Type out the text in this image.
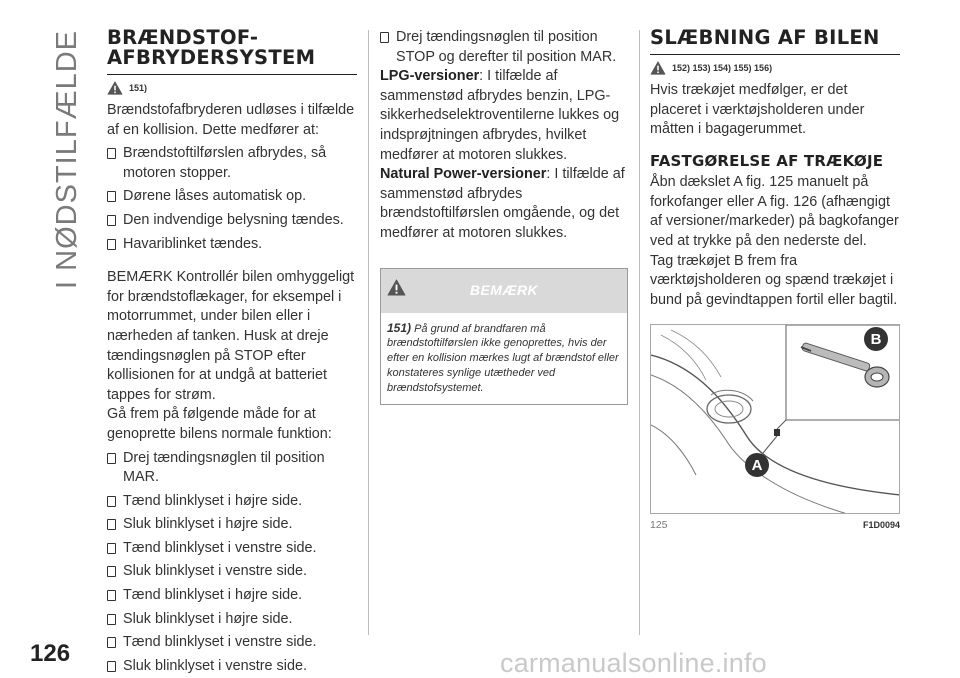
I NØDSTILFÆLDE BRÆNDSTOF-AFBRYDERSYSTEM
151)

Brændstofafbryderen udløses i tilfælde af en kollision. Dette medfører at:

Brændstoftilførslen afbrydes, så motoren stopper.
Dørene låses automatisk op.
Den indvendige belysning tændes.
Havariblinket tændes.

BEMÆRK Kontrollér bilen omhyggeligt for brændstoflækager, for eksempel i motorrummet, under bilen eller i nærheden af tanken. Husk at dreje tændingsnøglen på STOP efter kollisionen for at undgå at batteriet tappes for strøm.

Gå frem på følgende måde for at genoprette bilens normale funktion:

Drej tændingsnøglen til position MAR.
Tænd blinklyset i højre side.
Sluk blinklyset i højre side.
Tænd blinklyset i venstre side.
Sluk blinklyset i venstre side.
Tænd blinklyset i højre side.
Sluk blinklyset i højre side.
Tænd blinklyset i venstre side.
Sluk blinklyset i venstre side.
Drej tændingsnøglen til position STOP og derefter til position MAR.

LPG-versioner: I tilfælde af sammenstød afbrydes benzin, LPG-sikkerhedselektroventilerne lukkes og indsprøjtningen afbrydes, hvilket medfører at motoren slukkes.

Natural Power-versioner: I tilfælde af sammenstød afbrydes brændstoftilførslen omgående, og det medfører at motoren slukkes.

BEMÆRK
151) På grund af brandfaren må brændstoftilførslen ikke genoprettes, hvis der efter en kollision mærkes lugt af brændstof eller konstateres synlige utætheder ved brændstofsystemet.
SLÆBNING AF BILEN
152) 153) 154) 155) 156)

Hvis trækøjet medfølger, er det placeret i værktøjsholderen under måtten i bagagerummet.

FASTGØRELSE AF TRÆKØJE

Åbn dækslet A fig. 125 manuelt på forkofanger eller A fig. 126 (afhængigt af versioner/markeder) på bagkofanger ved at trykke på den nederste del.

Tag trækøjet B frem fra værktøjsholderen og spænd trækøjet i bund på gevindtappen fortil eller bagtil.

B
A
125	F1D0094
126	carmanualsonline.info
